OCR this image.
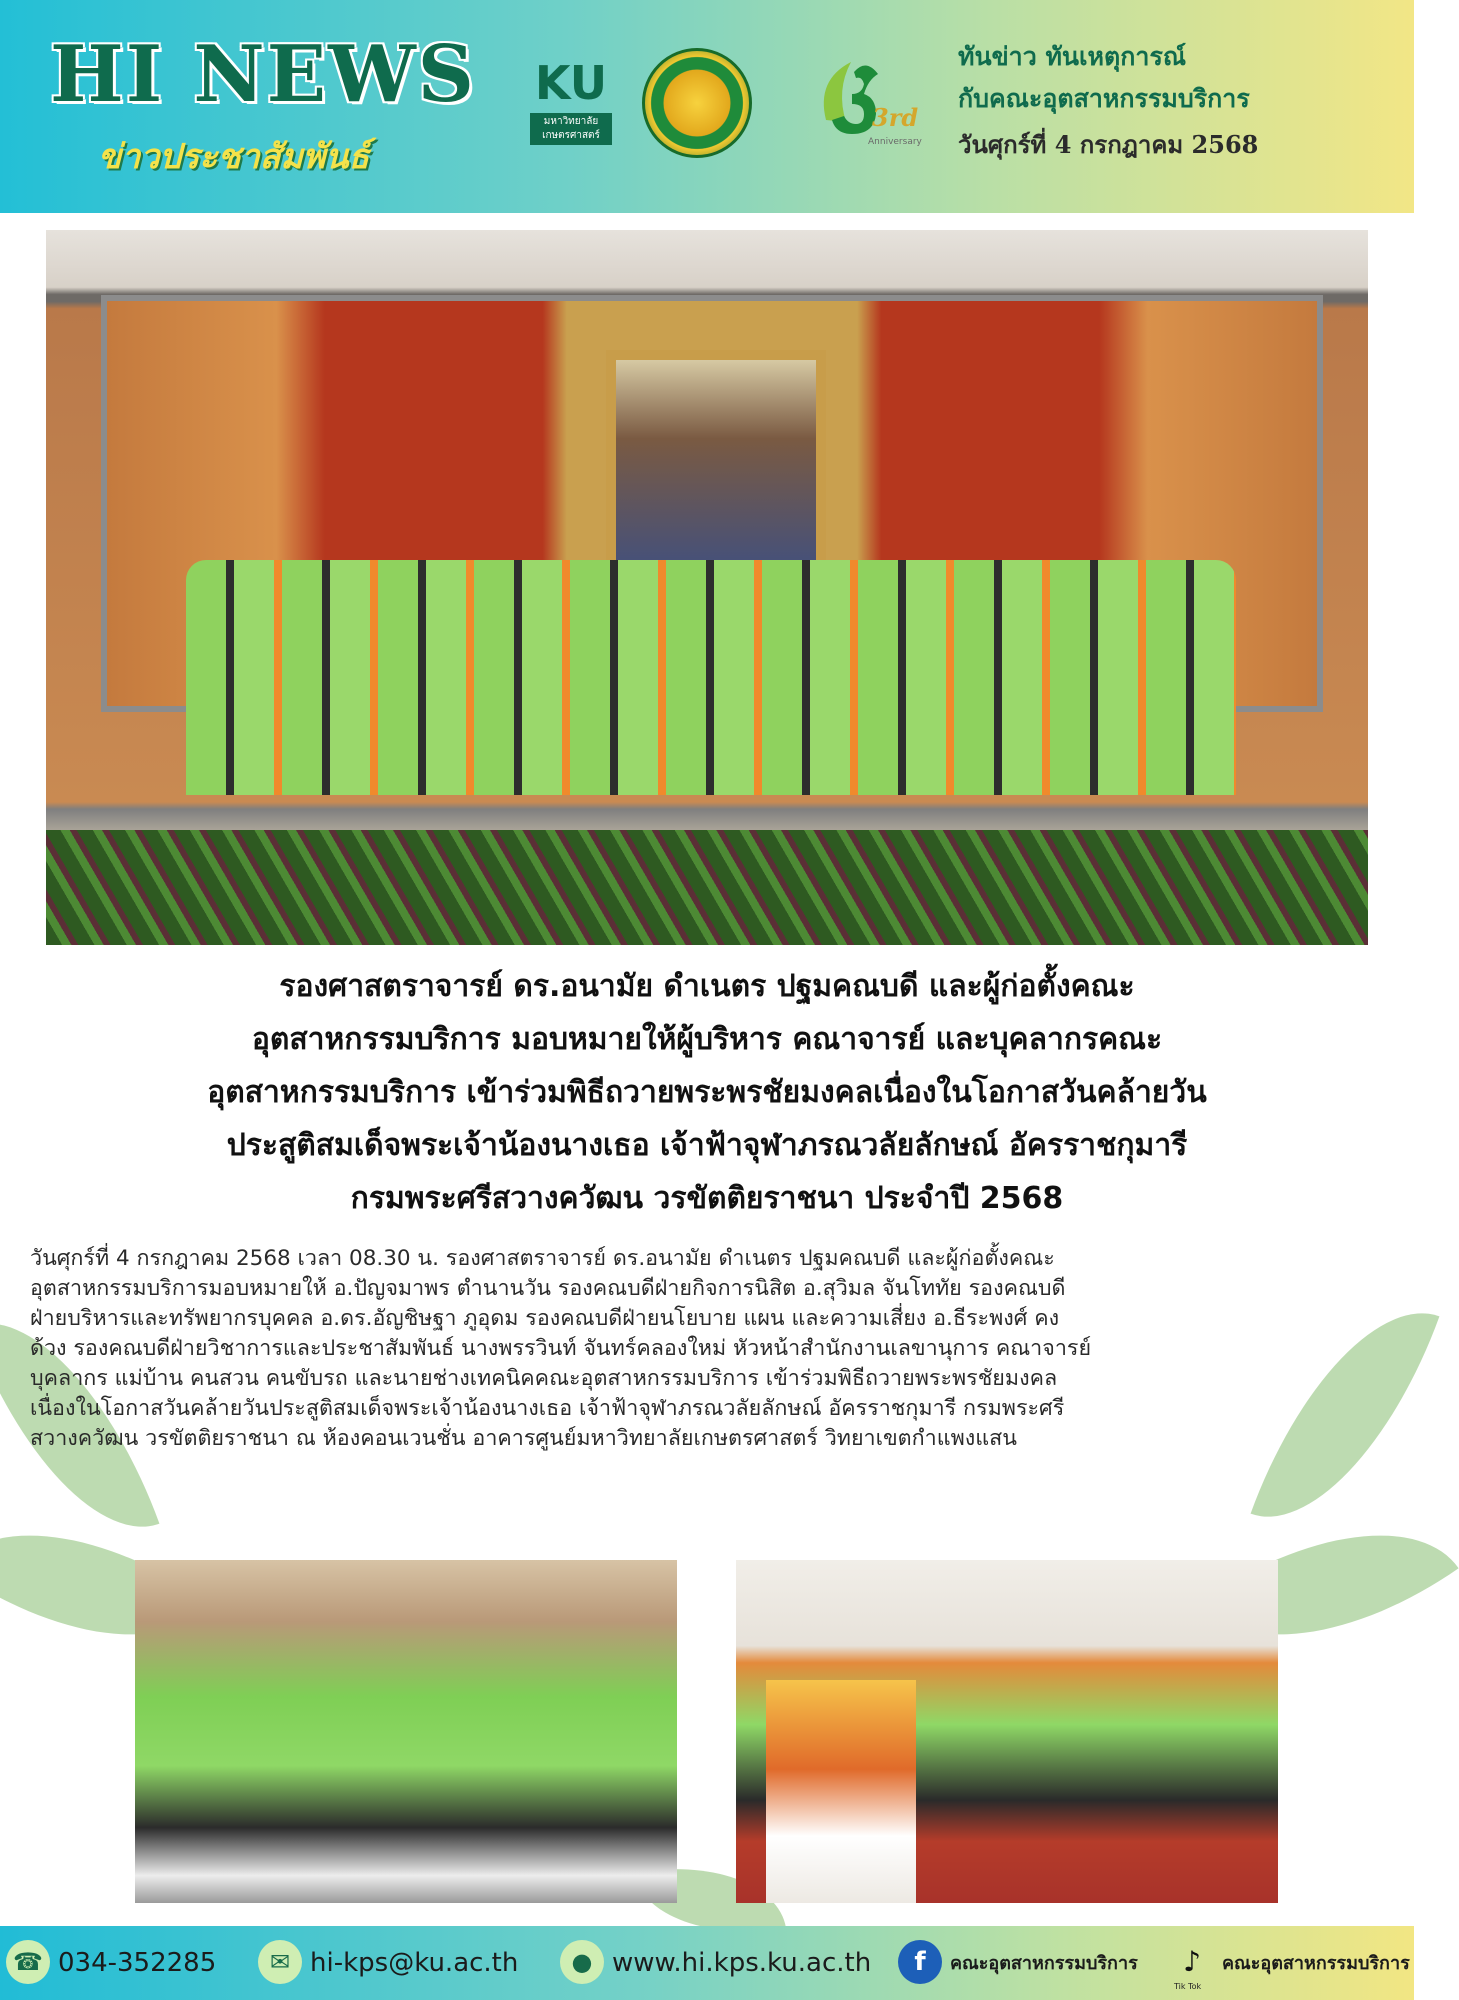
HI NEWS
ข่าวประชาสัมพันธ์
KU
มหาวิทยาลัยเกษตรศาสตร์
3rd
Anniversary
ทันข่าว ทันเหตุการณ์
กับคณะอุตสาหกรรมบริการ
วันศุกร์ที่ 4 กรกฎาคม 2568
รองศาสตราจารย์ ดร.อนามัย ดำเนตร ปฐมคณบดี และผู้ก่อตั้งคณะ
อุตสาหกรรมบริการ มอบหมายให้ผู้บริหาร คณาจารย์ และบุคลากรคณะ
อุตสาหกรรมบริการ เข้าร่วมพิธีถวายพระพรชัยมงคลเนื่องในโอกาสวันคล้ายวัน
ประสูติสมเด็จพระเจ้าน้องนางเธอ เจ้าฟ้าจุฬาภรณวลัยลักษณ์ อัครราชกุมารี
กรมพระศรีสวางควัฒน วรขัตติยราชนา ประจำปี 2568
วันศุกร์ที่ 4 กรกฎาคม 2568 เวลา 08.30 น. รองศาสตราจารย์ ดร.อนามัย ดำเนตร ปฐมคณบดี และผู้ก่อตั้งคณะ
อุตสาหกรรมบริการมอบหมายให้ อ.ปัญจมาพร ตำนานวัน รองคณบดีฝ่ายกิจการนิสิต อ.สุวิมล จันโททัย รองคณบดี
ฝ่ายบริหารและทรัพยากรบุคคล อ.ดร.อัญชิษฐา ภูอุดม รองคณบดีฝ่ายนโยบาย แผน และความเสี่ยง อ.ธีระพงศ์ คง
ด้วง รองคณบดีฝ่ายวิชาการและประชาสัมพันธ์ นางพรรวินท์ จันทร์คลองใหม่ หัวหน้าสำนักงานเลขานุการ คณาจารย์
บุคลากร แม่บ้าน คนสวน คนขับรถ และนายช่างเทคนิคคณะอุตสาหกรรมบริการ เข้าร่วมพิธีถวายพระพรชัยมงคล
เนื่องในโอกาสวันคล้ายวันประสูติสมเด็จพระเจ้าน้องนางเธอ เจ้าฟ้าจุฬาภรณวลัยลักษณ์ อัครราชกุมารี กรมพระศรี
สวางควัฒน วรขัตติยราชนา ณ ห้องคอนเวนชั่น อาคารศูนย์มหาวิทยาลัยเกษตรศาสตร์ วิทยาเขตกำแพงแสน
☎ 034-352285	✉ hi-kps@ku.ac.th	● www.hi.kps.ku.ac.th	f	คณะอุตสาหกรรมบริการ	♪
Tik Tok
คณะอุตสาหกรรมบริการ
